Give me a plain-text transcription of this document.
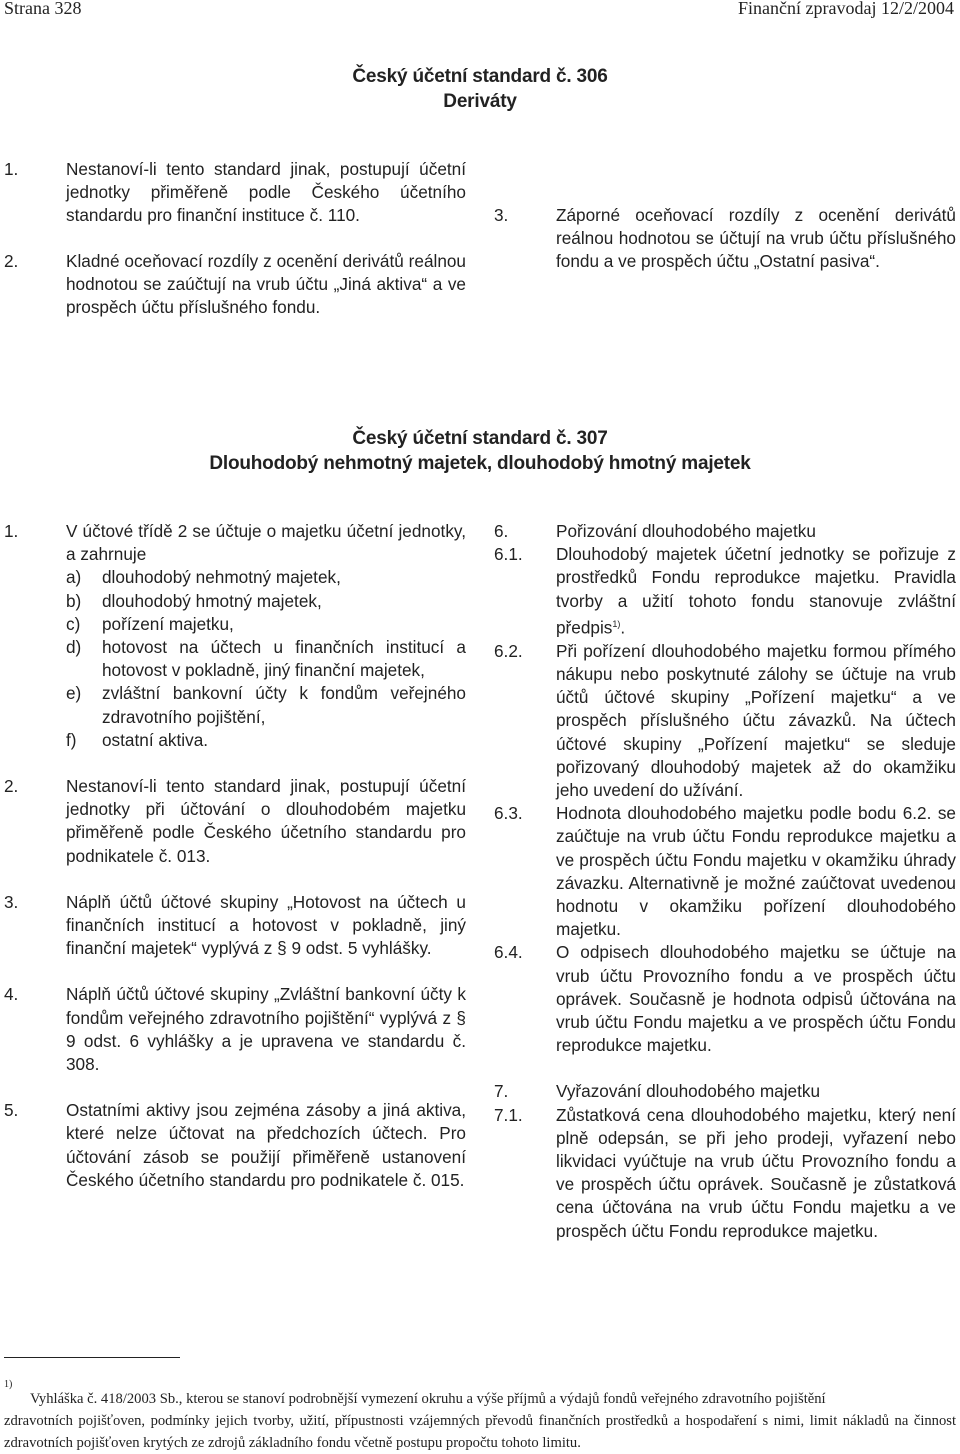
Strana 328	Finanční zpravodaj 12/2/2004
Český účetní standard č. 306
Deriváty
1.	Nestanoví-li tento standard jinak, postupují účetní jednotky přiměřeně podle Českého účetního standardu pro finanční instituce č. 110.
2.	Kladné oceňovací rozdíly z ocenění derivátů reálnou hodnotou se zaúčtují na vrub účtu „Jiná aktiva“ a ve prospěch účtu příslušného fondu.
3.	Záporné oceňovací rozdíly z ocenění derivátů reálnou hodnotou se účtují na vrub účtu příslušného fondu a ve prospěch účtu „Ostatní pasiva“.
Český účetní standard č. 307
Dlouhodobý nehmotný majetek, dlouhodobý hmotný majetek
1.	V účtové třídě 2 se účtuje o majetku účetní jednotky, a zahrnuje
a) dlouhodobý nehmotný majetek,
b) dlouhodobý hmotný majetek,
c) pořízení majetku,
d) hotovost na účtech u finančních institucí a hotovost v pokladně, jiný finanční majetek,
e) zvláštní bankovní účty k fondům veřejného zdravotního pojištění,
f) ostatní aktiva.
2.	Nestanoví-li tento standard jinak, postupují účetní jednotky při účtování o dlouhodobém majetku přiměřeně podle Českého účetního standardu pro podnikatele č. 013.
3.	Náplň účtů účtové skupiny „Hotovost na účtech u finančních institucí a hotovost v pokladně, jiný finanční majetek“ vyplývá z § 9 odst. 5 vyhlášky.
4.	Náplň účtů účtové skupiny „Zvláštní bankovní účty k fondům veřejného zdravotního pojištění“ vyplývá z § 9 odst. 6 vyhlášky a je upravena ve standardu č. 308.
5.	Ostatními aktivy jsou zejména zásoby a jiná aktiva, které nelze účtovat na předchozích účtech. Pro účtování zásob se použijí přiměřeně ustanovení Českého účetního standardu pro podnikatele č. 015.
6.	Pořizování dlouhodobého majetku
6.1. Dlouhodobý majetek účetní jednotky se pořizuje z prostředků Fondu reprodukce majetku. Pravidla tvorby a užití tohoto fondu stanovuje zvláštní předpis$^{1)}$.
6.2. Při pořízení dlouhodobého majetku formou přímého nákupu nebo poskytnuté zálohy se účtuje na vrub účtů účtové skupiny „Pořízení majetku“ a ve prospěch příslušného účtu závazků. Na účtech účtové skupiny „Pořízení majetku“ se sleduje pořizovaný dlouhodobý majetek až do okamžiku jeho uvedení do užívání.
6.3. Hodnota dlouhodobého majetku podle bodu 6.2. se zaúčtuje na vrub účtu Fondu reprodukce majetku a ve prospěch účtu Fondu majetku v okamžiku úhrady závazku. Alternativně je možné zaúčtovat uvedenou hodnotu v okamžiku pořízení dlouhodobého majetku.
6.4. O odpisech dlouhodobého majetku se účtuje na vrub účtu Provozního fondu a ve prospěch účtu oprávek. Současně je hodnota odpisů účtována na vrub účtu Fondu majetku a ve prospěch účtu Fondu reprodukce majetku.
7.	Vyřazování dlouhodobého majetku
7.1. Zůstatková cena dlouhodobého majetku, který není plně odepsán, se při jeho prodeji, vyřazení nebo likvidaci vyúčtuje na vrub účtu Provozního fondu a ve prospěch účtu oprávek. Současně je zůstatková cena účtována na vrub účtu Fondu majetku a ve prospěch účtu Fondu reprodukce majetku.
1)

Vyhláška č. 418/2003 Sb., kterou se stanoví podrobnější vymezení okruhu a výše příjmů a výdajů fondů veřejného zdravotního pojištění

zdravotních pojišťoven, podmínky jejich tvorby, užití, přípustnosti vzájemných převodů finančních prostředků a hospodaření s nimi, limit nákladů na činnost zdravotních pojišťoven krytých ze zdrojů základního fondu včetně postupu propočtu tohoto limitu.
